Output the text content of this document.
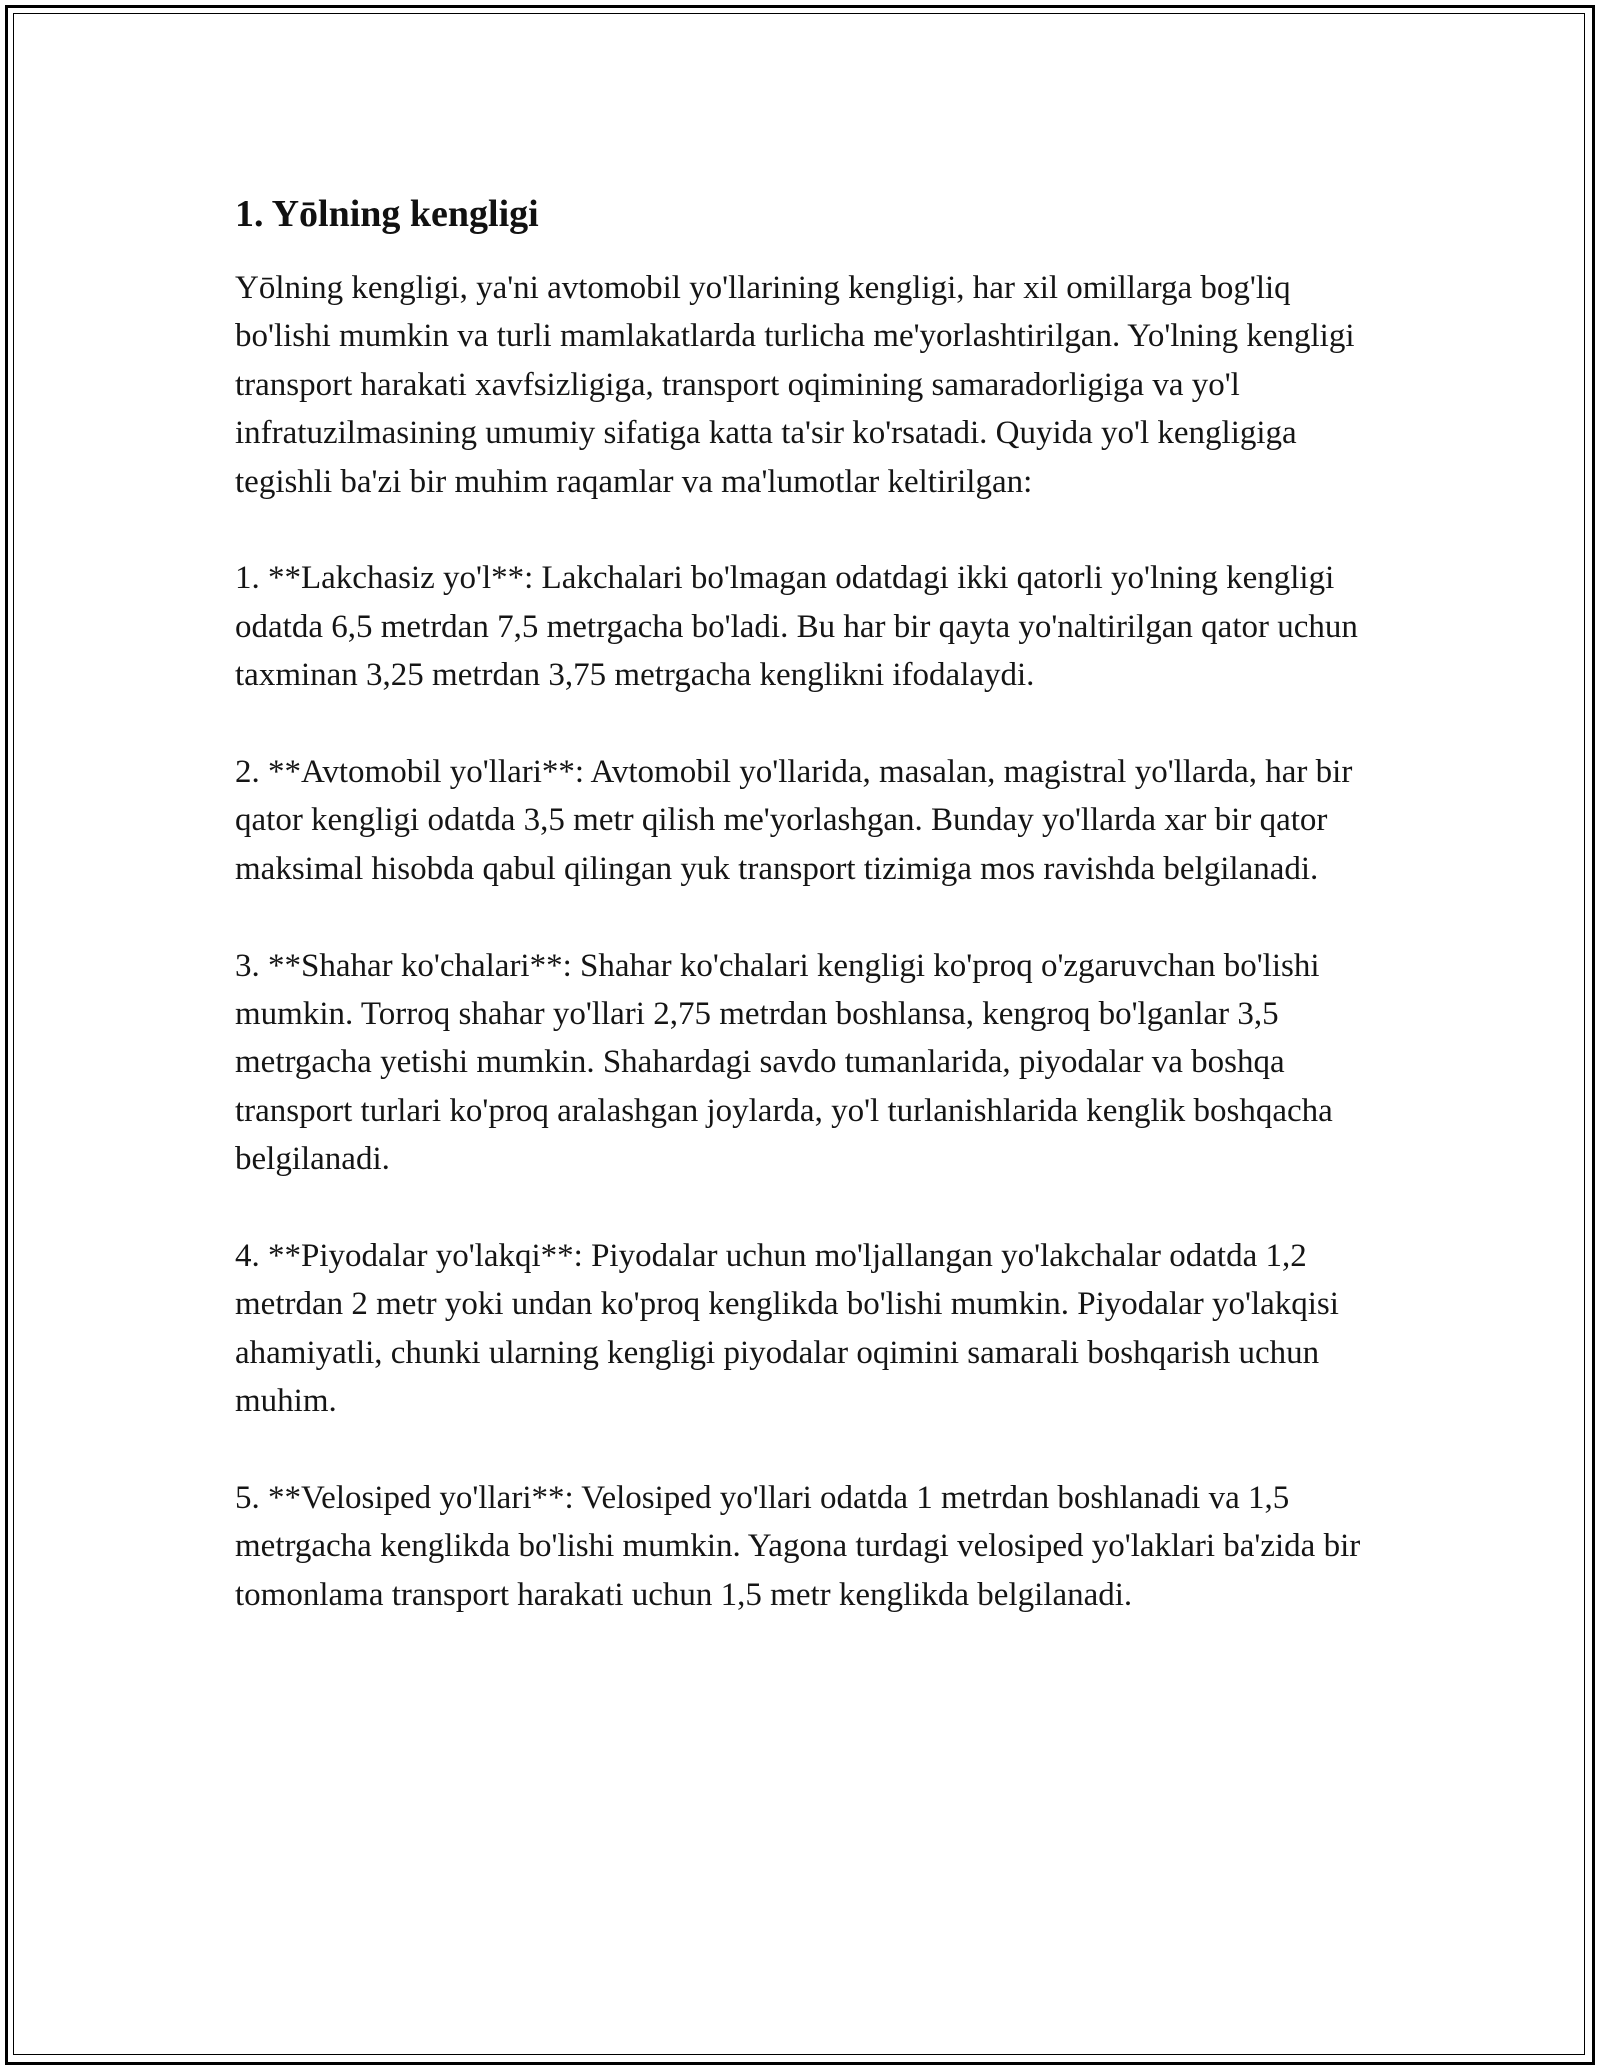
1. Yōlning kengligi

Yōlning kengligi, ya'ni avtomobil yo'llarining kengligi, har xil omillarga bog'liq bo'lishi mumkin va turli mamlakatlarda turlicha me'yorlashtirilgan. Yo'lning kengligi transport harakati xavfsizligiga, transport oqimining samaradorligiga va yo'l infratuzilmasining umumiy sifatiga katta ta'sir ko'rsatadi. Quyida yo'l kengligiga tegishli ba'zi bir muhim raqamlar va ma'lumotlar keltirilgan:

1. **Lakchasiz yo'l**: Lakchalari bo'lmagan odatdagi ikki qatorli yo'lning kengligi odatda 6,5 metrdan 7,5 metrgacha bo'ladi. Bu har bir qayta yo'naltirilgan qator uchun taxminan 3,25 metrdan 3,75 metrgacha kenglikni ifodalaydi.

2. **Avtomobil yo'llari**: Avtomobil yo'llarida, masalan, magistral yo'llarda, har bir qator kengligi odatda 3,5 metr qilish me'yorlashgan. Bunday yo'llarda xar bir qator maksimal hisobda qabul qilingan yuk transport tizimiga mos ravishda belgilanadi.

3. **Shahar ko'chalari**: Shahar ko'chalari kengligi ko'proq o'zgaruvchan bo'lishi mumkin. Torroq shahar yo'llari 2,75 metrdan boshlansa, kengroq bo'lganlar 3,5 metrgacha yetishi mumkin. Shahardagi savdo tumanlarida, piyodalar va boshqa transport turlari ko'proq aralashgan joylarda, yo'l turlanishlarida kenglik boshqacha belgilanadi.

4. **Piyodalar yo'lakqi**: Piyodalar uchun mo'ljallangan yo'lakchalar odatda 1,2 metrdan 2 metr yoki undan ko'proq kenglikda bo'lishi mumkin. Piyodalar yo'lakqisi ahamiyatli, chunki ularning kengligi piyodalar oqimini samarali boshqarish uchun muhim.

5. **Velosiped yo'llari**: Velosiped yo'llari odatda 1 metrdan boshlanadi va 1,5 metrgacha kenglikda bo'lishi mumkin. Yagona turdagi velosiped yo'laklari ba'zida bir tomonlama transport harakati uchun 1,5 metr kenglikda belgilanadi.
